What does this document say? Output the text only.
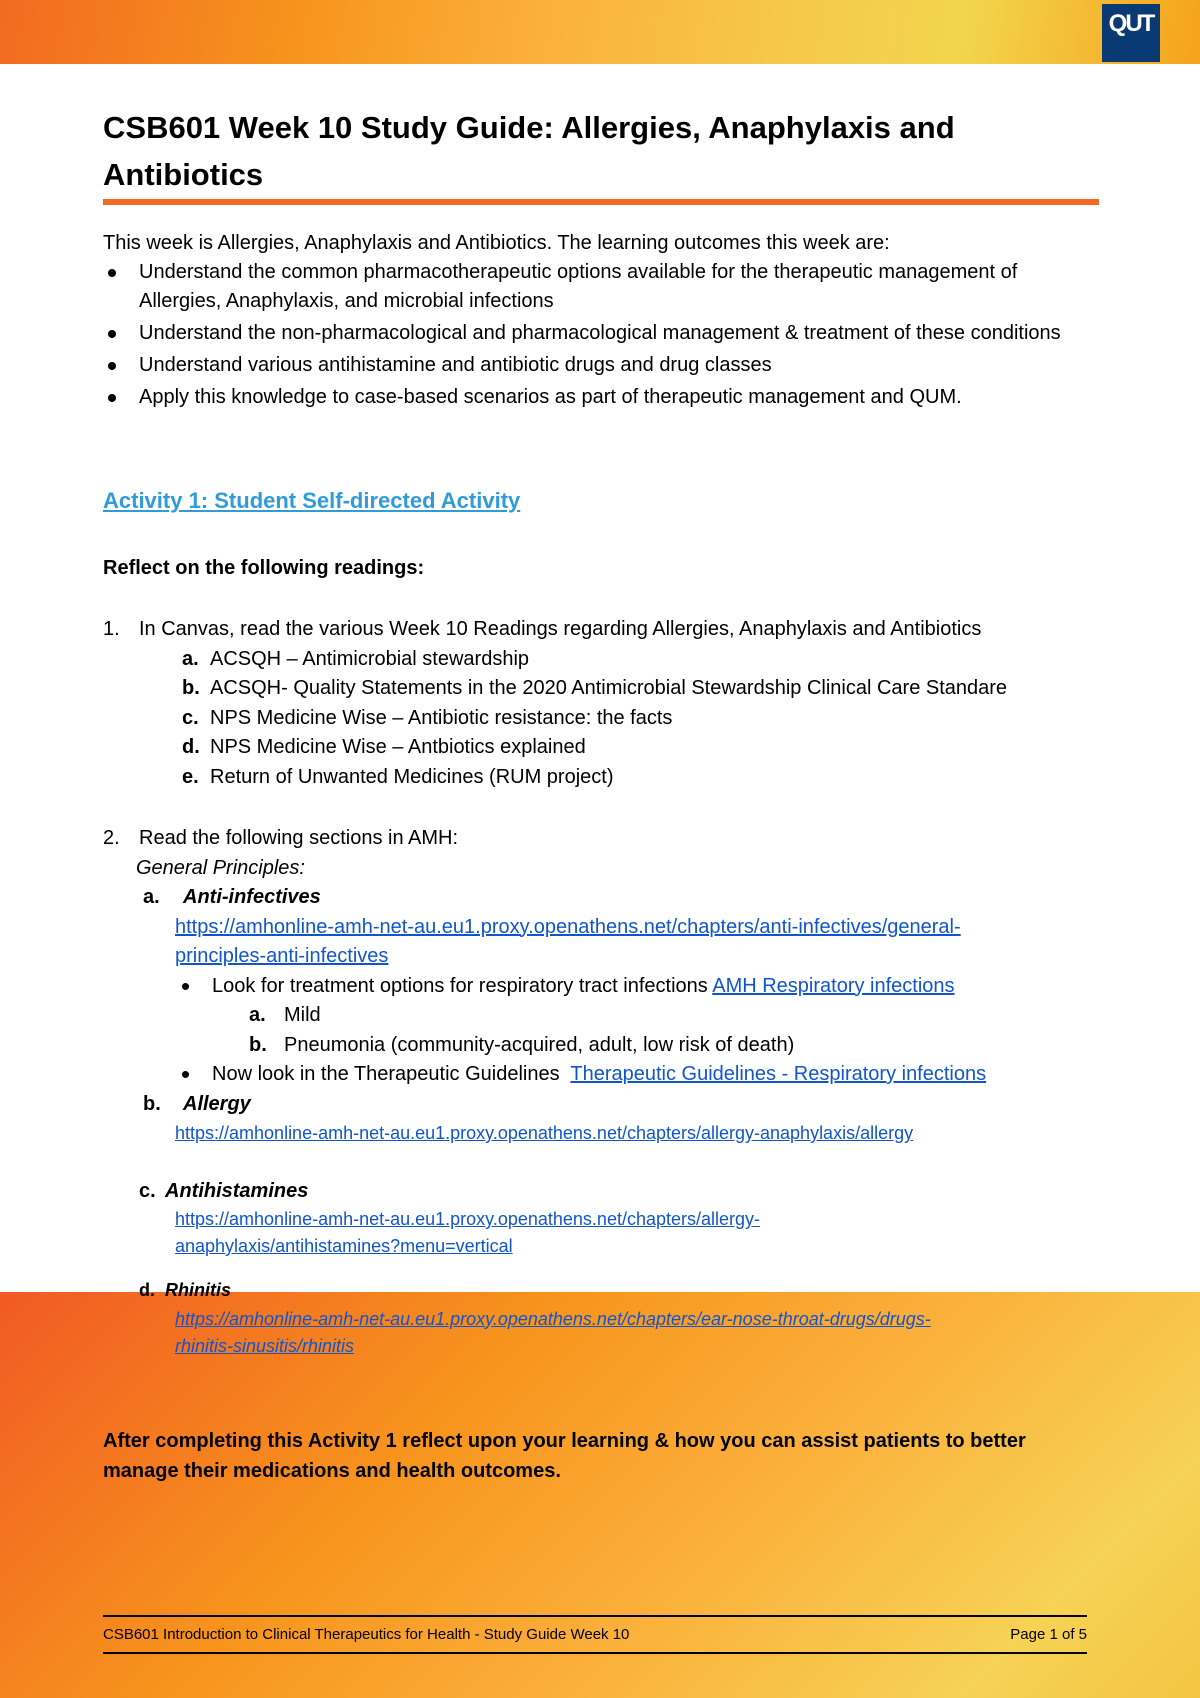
QUT
CSB601 Week 10 Study Guide: Allergies, Anaphylaxis and Antibiotics
This week is Allergies, Anaphylaxis and Antibiotics. The learning outcomes this week are:
Understand the common pharmacotherapeutic options available for the therapeutic management of Allergies, Anaphylaxis, and microbial infections
Understand the non-pharmacological and pharmacological management & treatment of these conditions
Understand various antihistamine and antibiotic drugs and drug classes
Apply this knowledge to case-based scenarios as part of therapeutic management and QUM.
Activity 1: Student Self-directed Activity
Reflect on the following readings:
1. In Canvas, read the various Week 10 Readings regarding Allergies, Anaphylaxis and Antibiotics
a. ACSQH – Antimicrobial stewardship
b. ACSQH- Quality Statements in the 2020 Antimicrobial Stewardship Clinical Care Standare
c. NPS Medicine Wise – Antibiotic resistance: the facts
d. NPS Medicine Wise – Antbiotics explained
e. Return of Unwanted Medicines (RUM project)
2. Read the following sections in AMH:
General Principles:
a. Anti-infectives
https://amhonline-amh-net-au.eu1.proxy.openathens.net/chapters/anti-infectives/general-
principles-anti-infectives
Look for treatment options for respiratory tract infections AMH Respiratory infections
a. Mild
b. Pneumonia (community-acquired, adult, low risk of death)
Now look in the Therapeutic Guidelines  Therapeutic Guidelines - Respiratory infections
b. Allergy
https://amhonline-amh-net-au.eu1.proxy.openathens.net/chapters/allergy-anaphylaxis/allergy
c. Antihistamines
https://amhonline-amh-net-au.eu1.proxy.openathens.net/chapters/allergy-
anaphylaxis/antihistamines?menu=vertical
d. Rhinitis
https://amhonline-amh-net-au.eu1.proxy.openathens.net/chapters/ear-nose-throat-drugs/drugs-
rhinitis-sinusitis/rhinitis
After completing this Activity 1 reflect upon your learning & how you can assist patients to better manage their medications and health outcomes.
CSB601 Introduction to Clinical Therapeutics for Health - Study Guide Week 10	Page 1 of 5
